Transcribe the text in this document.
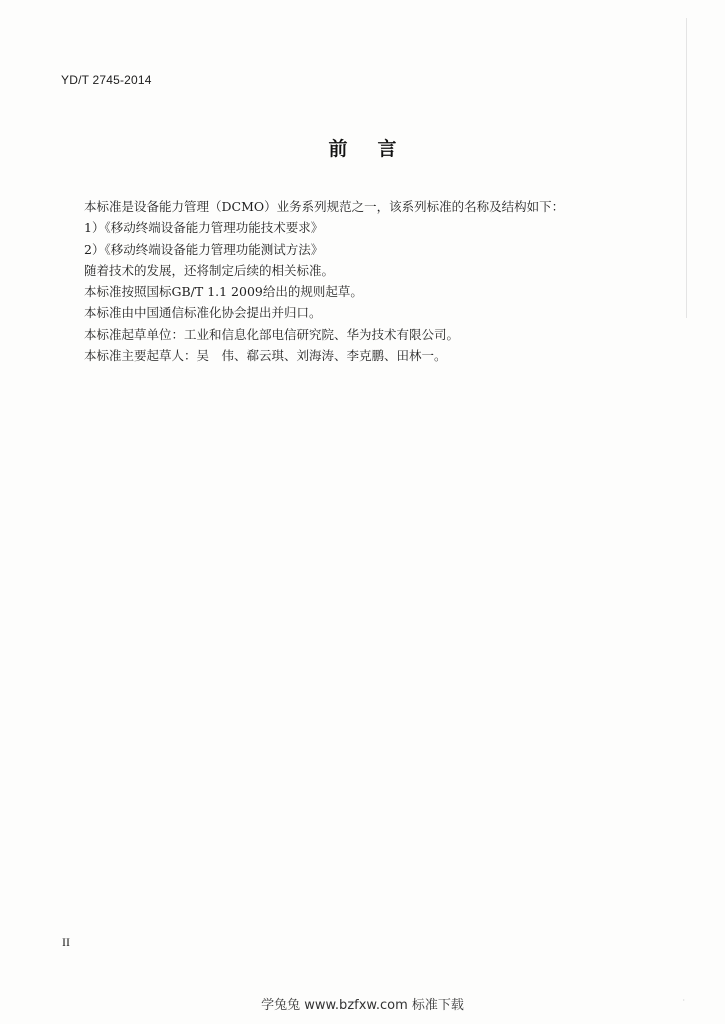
YD/T 2745-2014
前 言

本标准是设备能力管理（DCMO）业务系列规范之一，该系列标准的名称及结构如下：

1）《移动终端设备能力管理功能技术要求》

2）《移动终端设备能力管理功能测试方法》

随着技术的发展，还将制定后续的相关标准。

本标准按照国标GB/T 1.1 2009给出的规则起草。

本标准由中国通信标准化协会提出并归口。

本标准起草单位：工业和信息化部电信研究院、华为技术有限公司。

本标准主要起草人：吴　伟、郗云琪、刘海涛、李克鹏、田林一。

II
学兔兔 www.bzfxw.com 标准下载	·
